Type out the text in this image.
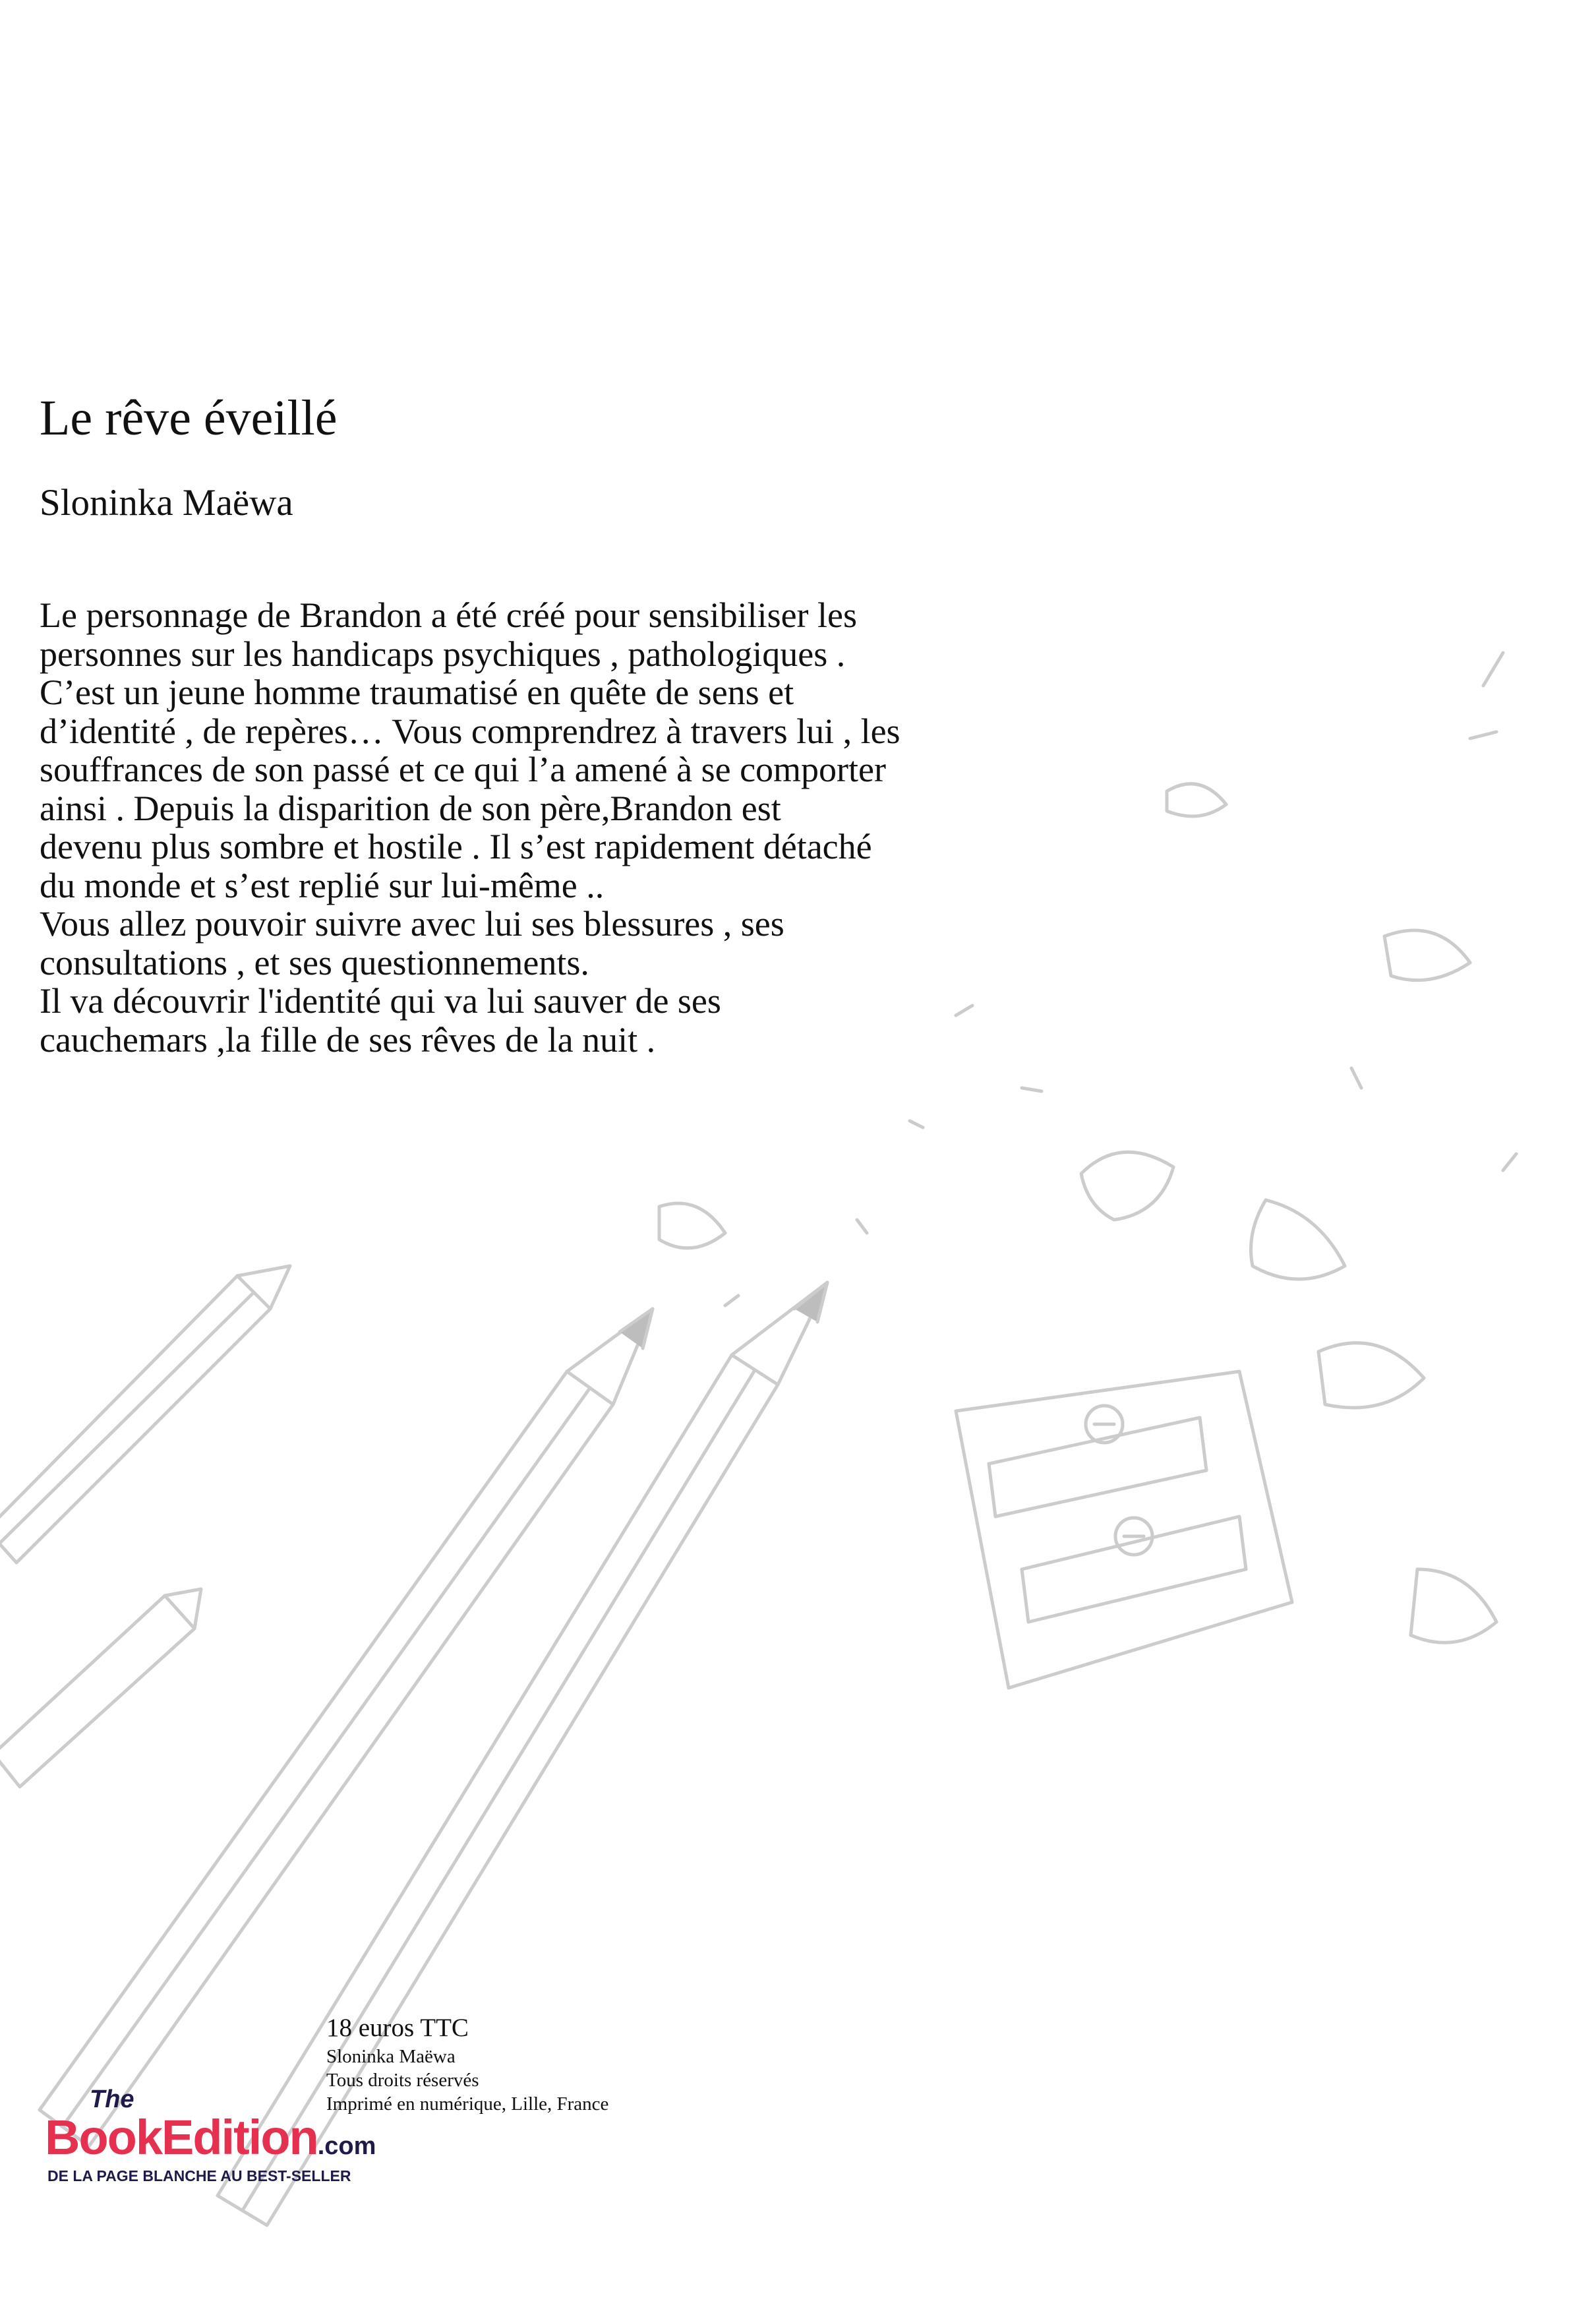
Le rêve éveillé

Sloninka Maëwa

Le personnage de Brandon a été créé pour sensibiliser les

personnes sur les handicaps psychiques , pathologiques .

C’est un jeune homme traumatisé en quête de sens et

d’identité , de repères… Vous comprendrez à travers lui , les

souffrances de son passé et ce qui l’a amené à se comporter

ainsi . Depuis la disparition de son père,Brandon est

devenu plus sombre et hostile . Il s’est rapidement détaché

du monde et s’est replié sur lui-même ..

Vous allez pouvoir suivre avec lui ses blessures , ses

consultations , et ses questionnements.

Il va découvrir l'identité qui va lui sauver de ses

cauchemars ,la fille de ses rêves de la nuit .

18 euros TTC
Sloninka Maëwa
Tous droits réservés
Imprimé en numérique, Lille, France
The
BookEdition.com
DE LA PAGE BLANCHE AU BEST-SELLER
